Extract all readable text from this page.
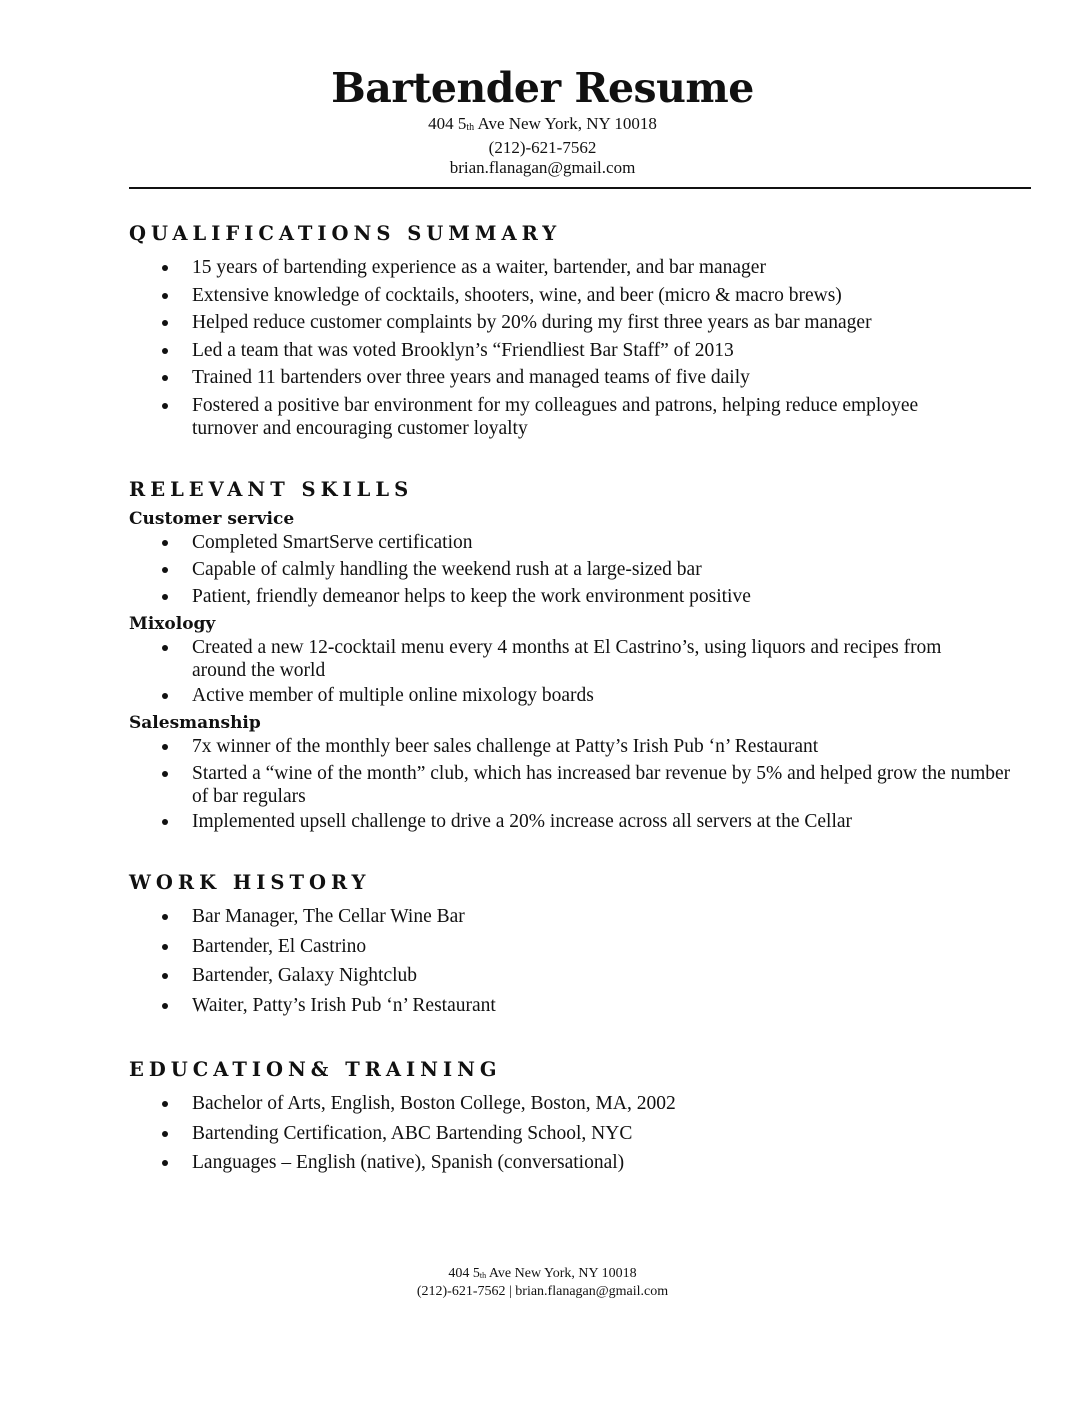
Bartender Resume
404 5th Ave New York, NY 10018
(212)-621-7562
brian.flanagan@gmail.com
QUALIFICATIONS SUMMARY
15 years of bartending experience as a waiter, bartender, and bar manager
Extensive knowledge of cocktails, shooters, wine, and beer (micro & macro brews)
Helped reduce customer complaints by 20% during my first three years as bar manager
Led a team that was voted Brooklyn’s “Friendliest Bar Staff” of 2013
Trained 11 bartenders over three years and managed teams of five daily
Fostered a positive bar environment for my colleagues and patrons, helping reduce employee turnover and encouraging customer loyalty
RELEVANT SKILLS
Customer service
Completed SmartServe certification
Capable of calmly handling the weekend rush at a large-sized bar
Patient, friendly demeanor helps to keep the work environment positive
Mixology
Created a new 12-cocktail menu every 4 months at El Castrino’s, using liquors and recipes from around the world
Active member of multiple online mixology boards
Salesmanship
7x winner of the monthly beer sales challenge at Patty’s Irish Pub ‘n’ Restaurant
Started a “wine of the month” club, which has increased bar revenue by 5% and helped grow the number of bar regulars
Implemented upsell challenge to drive a 20% increase across all servers at the Cellar
WORK HISTORY
Bar Manager, The Cellar Wine Bar
Bartender, El Castrino
Bartender, Galaxy Nightclub
Waiter, Patty’s Irish Pub ‘n’ Restaurant
EDUCATION& TRAINING
Bachelor of Arts, English, Boston College, Boston, MA, 2002
Bartending Certification, ABC Bartending School, NYC
Languages – English (native), Spanish (conversational)
404 5th Ave New York, NY 10018
(212)-621-7562 | brian.flanagan@gmail.com
